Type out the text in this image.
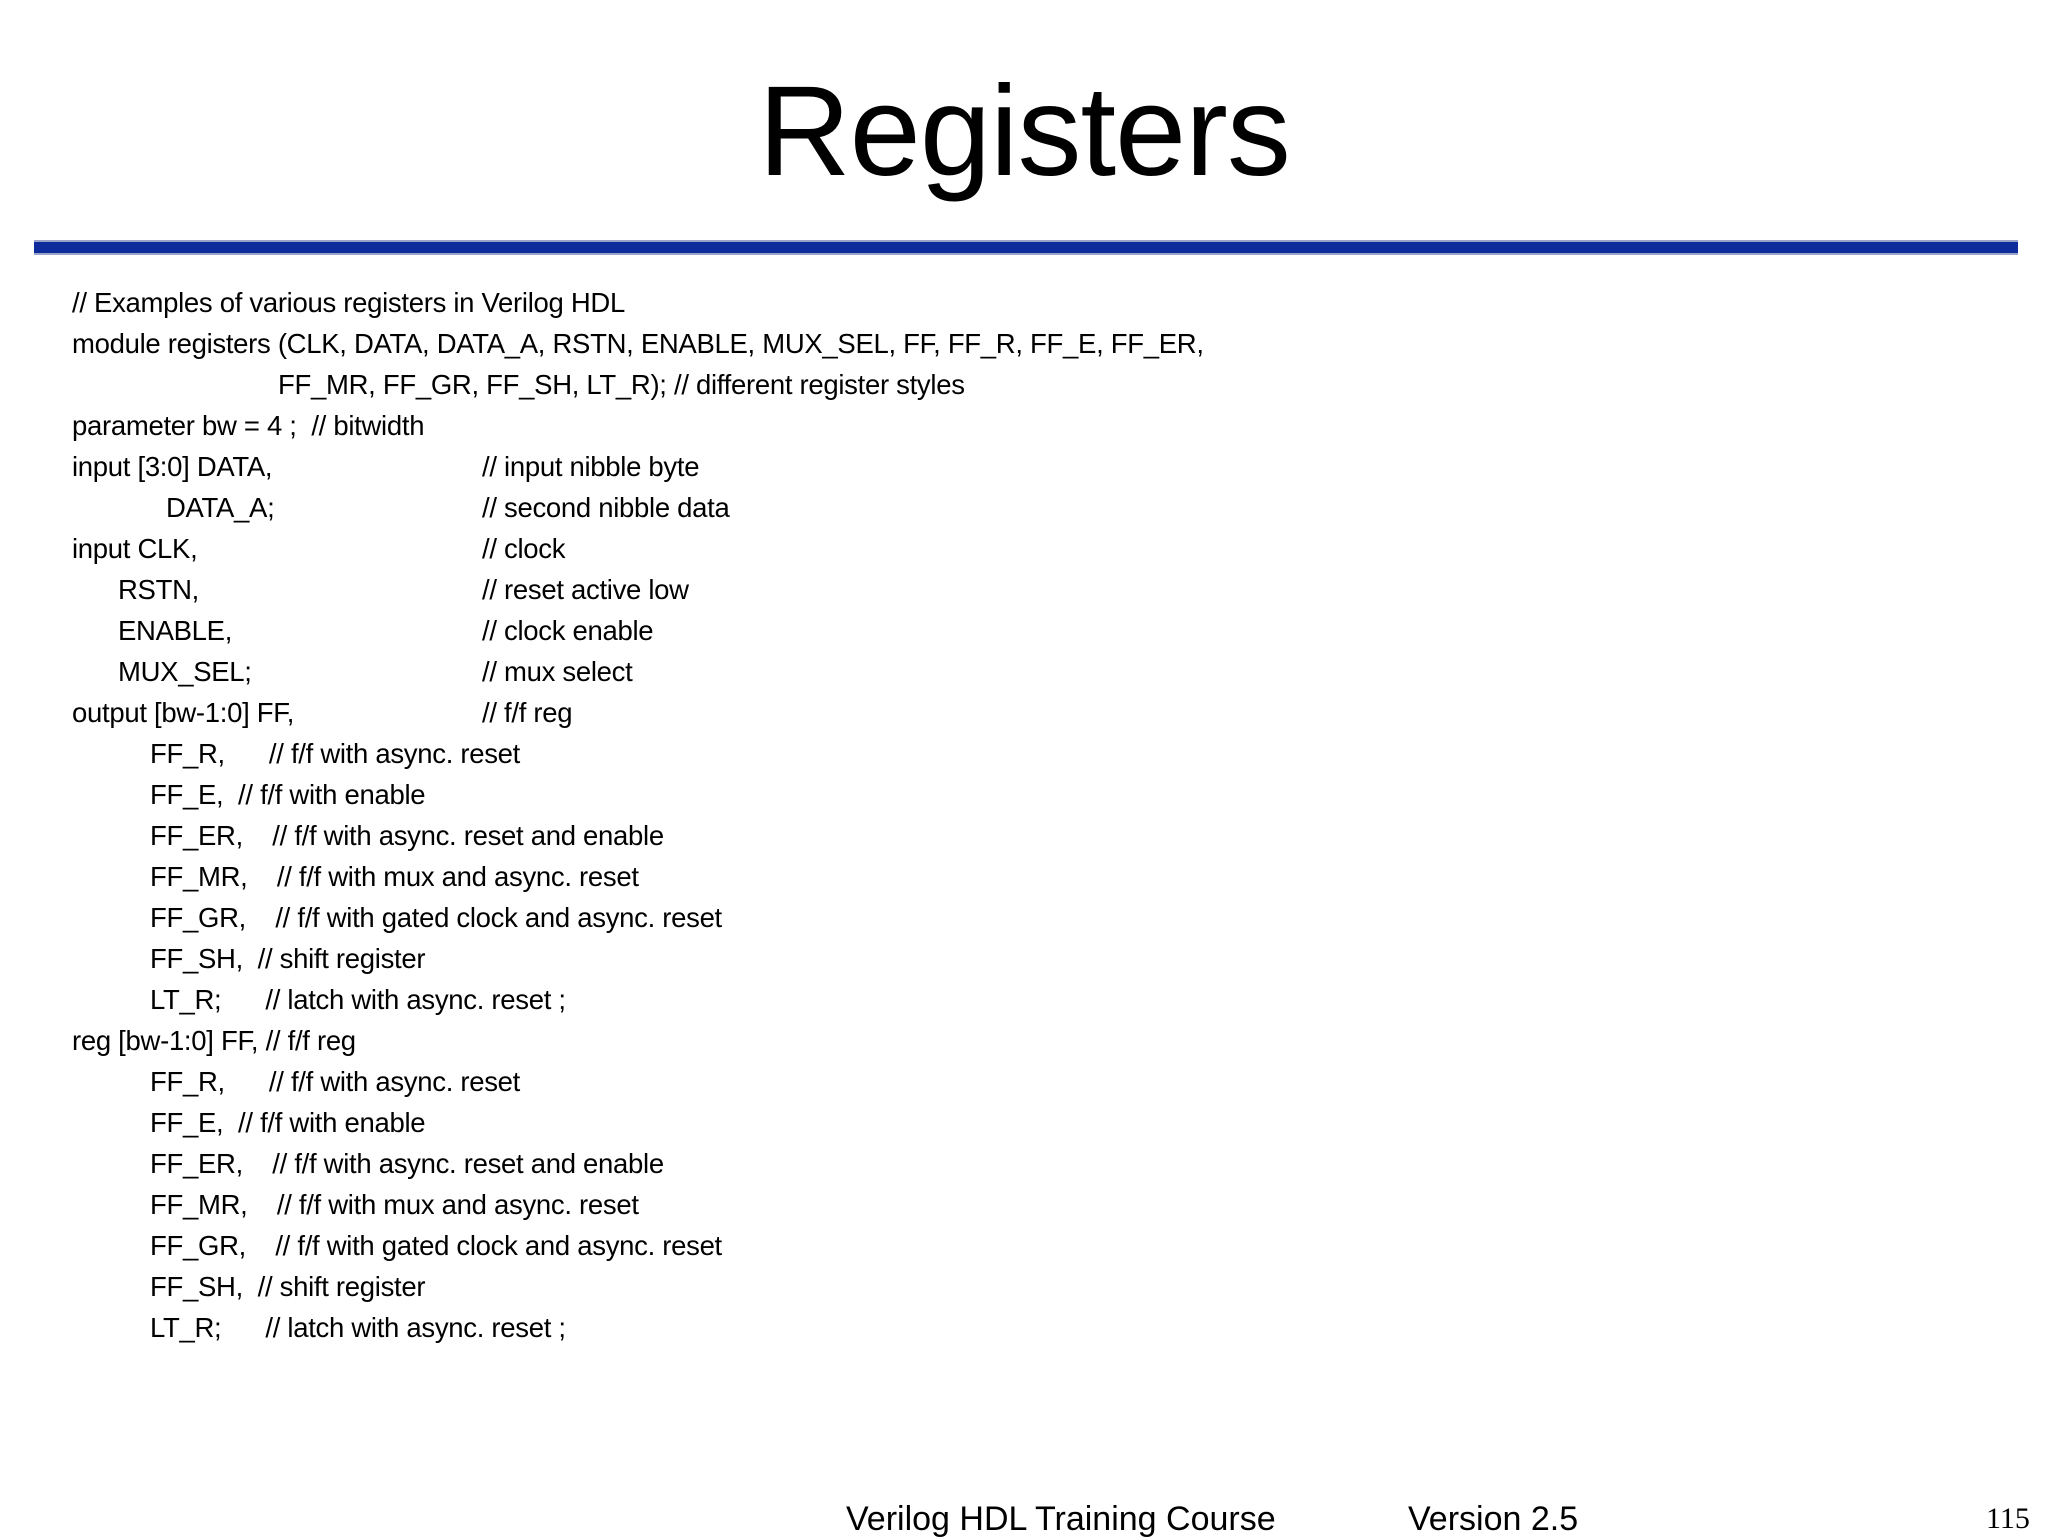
Registers
// Examples of various registers in Verilog HDL
module registers (CLK, DATA, DATA_A, RSTN, ENABLE, MUX_SEL, FF, FF_R, FF_E, FF_ER,
FF_MR, FF_GR, FF_SH, LT_R); // different register styles
parameter bw = 4 ;  // bitwidth
input [3:0] DATA,
DATA_A;
input CLK,
RSTN,
ENABLE,
MUX_SEL;
output [bw-1:0] FF,
FF_R,      // f/f with async. reset
FF_E,  // f/f with enable
FF_ER,    // f/f with async. reset and enable
FF_MR,    // f/f with mux and async. reset
FF_GR,    // f/f with gated clock and async. reset
FF_SH,  // shift register
LT_R;      // latch with async. reset ;
reg [bw-1:0] FF, // f/f reg
FF_R,      // f/f with async. reset
FF_E,  // f/f with enable
FF_ER,    // f/f with async. reset and enable
FF_MR,    // f/f with mux and async. reset
FF_GR,    // f/f with gated clock and async. reset
FF_SH,  // shift register
LT_R;      // latch with async. reset ;
// input nibble byte
// second nibble data
// clock
// reset active low
// clock enable
// mux select
// f/f reg
Verilog HDL Training Course	Version 2.5	115
